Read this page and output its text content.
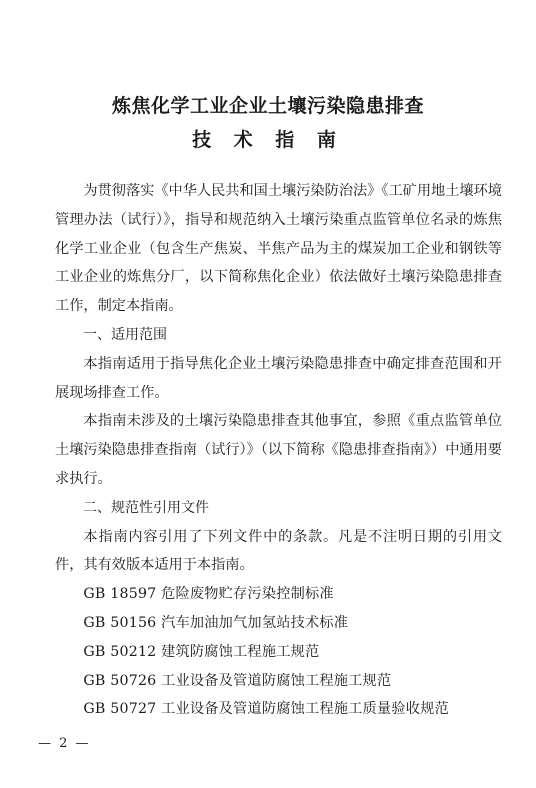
炼焦化学工业企业土壤污染隐患排查
技 术 指 南

为贯彻落实《中华人民共和国土壤污染防治法》《工矿用地土壤环境管理办法（试行）》，指导和规范纳入土壤污染重点监管单位名录的炼焦化学工业企业（包含生产焦炭、半焦产品为主的煤炭加工企业和钢铁等工业企业的炼焦分厂，以下简称焦化企业）依法做好土壤污染隐患排查工作，制定本指南。

一、适用范围

本指南适用于指导焦化企业土壤污染隐患排查中确定排查范围和开展现场排查工作。

本指南未涉及的土壤污染隐患排查其他事宜，参照《重点监管单位土壤污染隐患排查指南（试行）》（以下简称《隐患排查指南》）中通用要求执行。

二、规范性引用文件

本指南内容引用了下列文件中的条款。凡是不注明日期的引用文件，其有效版本适用于本指南。

GB 18597 危险废物贮存污染控制标准
GB 50156 汽车加油加气加氢站技术标准
GB 50212 建筑防腐蚀工程施工规范
GB 50726 工业设备及管道防腐蚀工程施工规范
GB 50727 工业设备及管道防腐蚀工程施工质量验收规范
— 2 —
